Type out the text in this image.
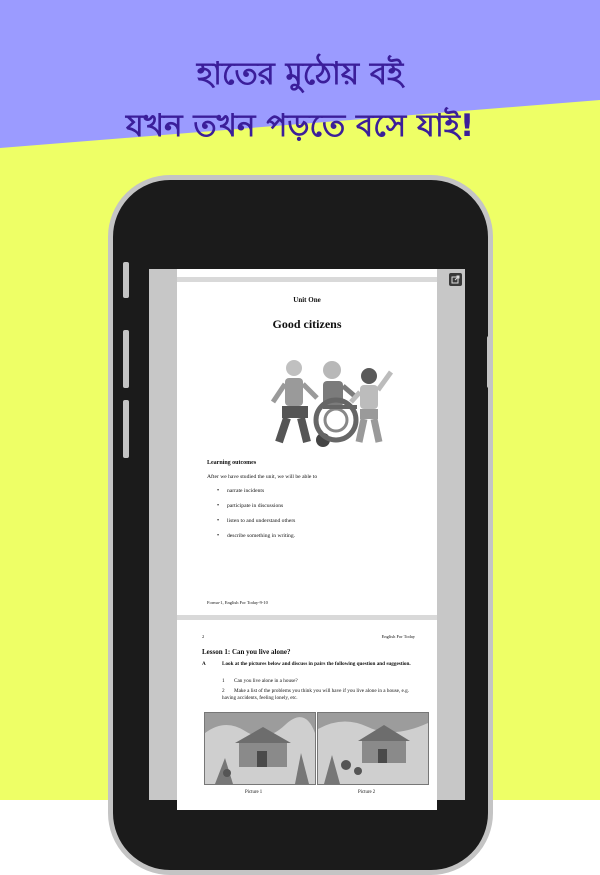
হাতের মুঠোয় বই
যখন তখন পড়তে বসে যাই!
Unit One
Good citizens
Learning outcomes
After we have studied the unit, we will be able to
• narrate incidents
• participate in discussions
• listen to and understand others
• describe something in writing.
Forma-1, English For Today-9-10
2	English For Today
Lesson 1: Can you live alone?
A	Look at the pictures below and discuss in pairs the following question and suggestion.
1 Can you live alone in a house?
2 Make a list of the problems you think you will have if you live alone in a house, e.g. having accidents, feeling lonely, etc.
Picture 1	Picture 2
